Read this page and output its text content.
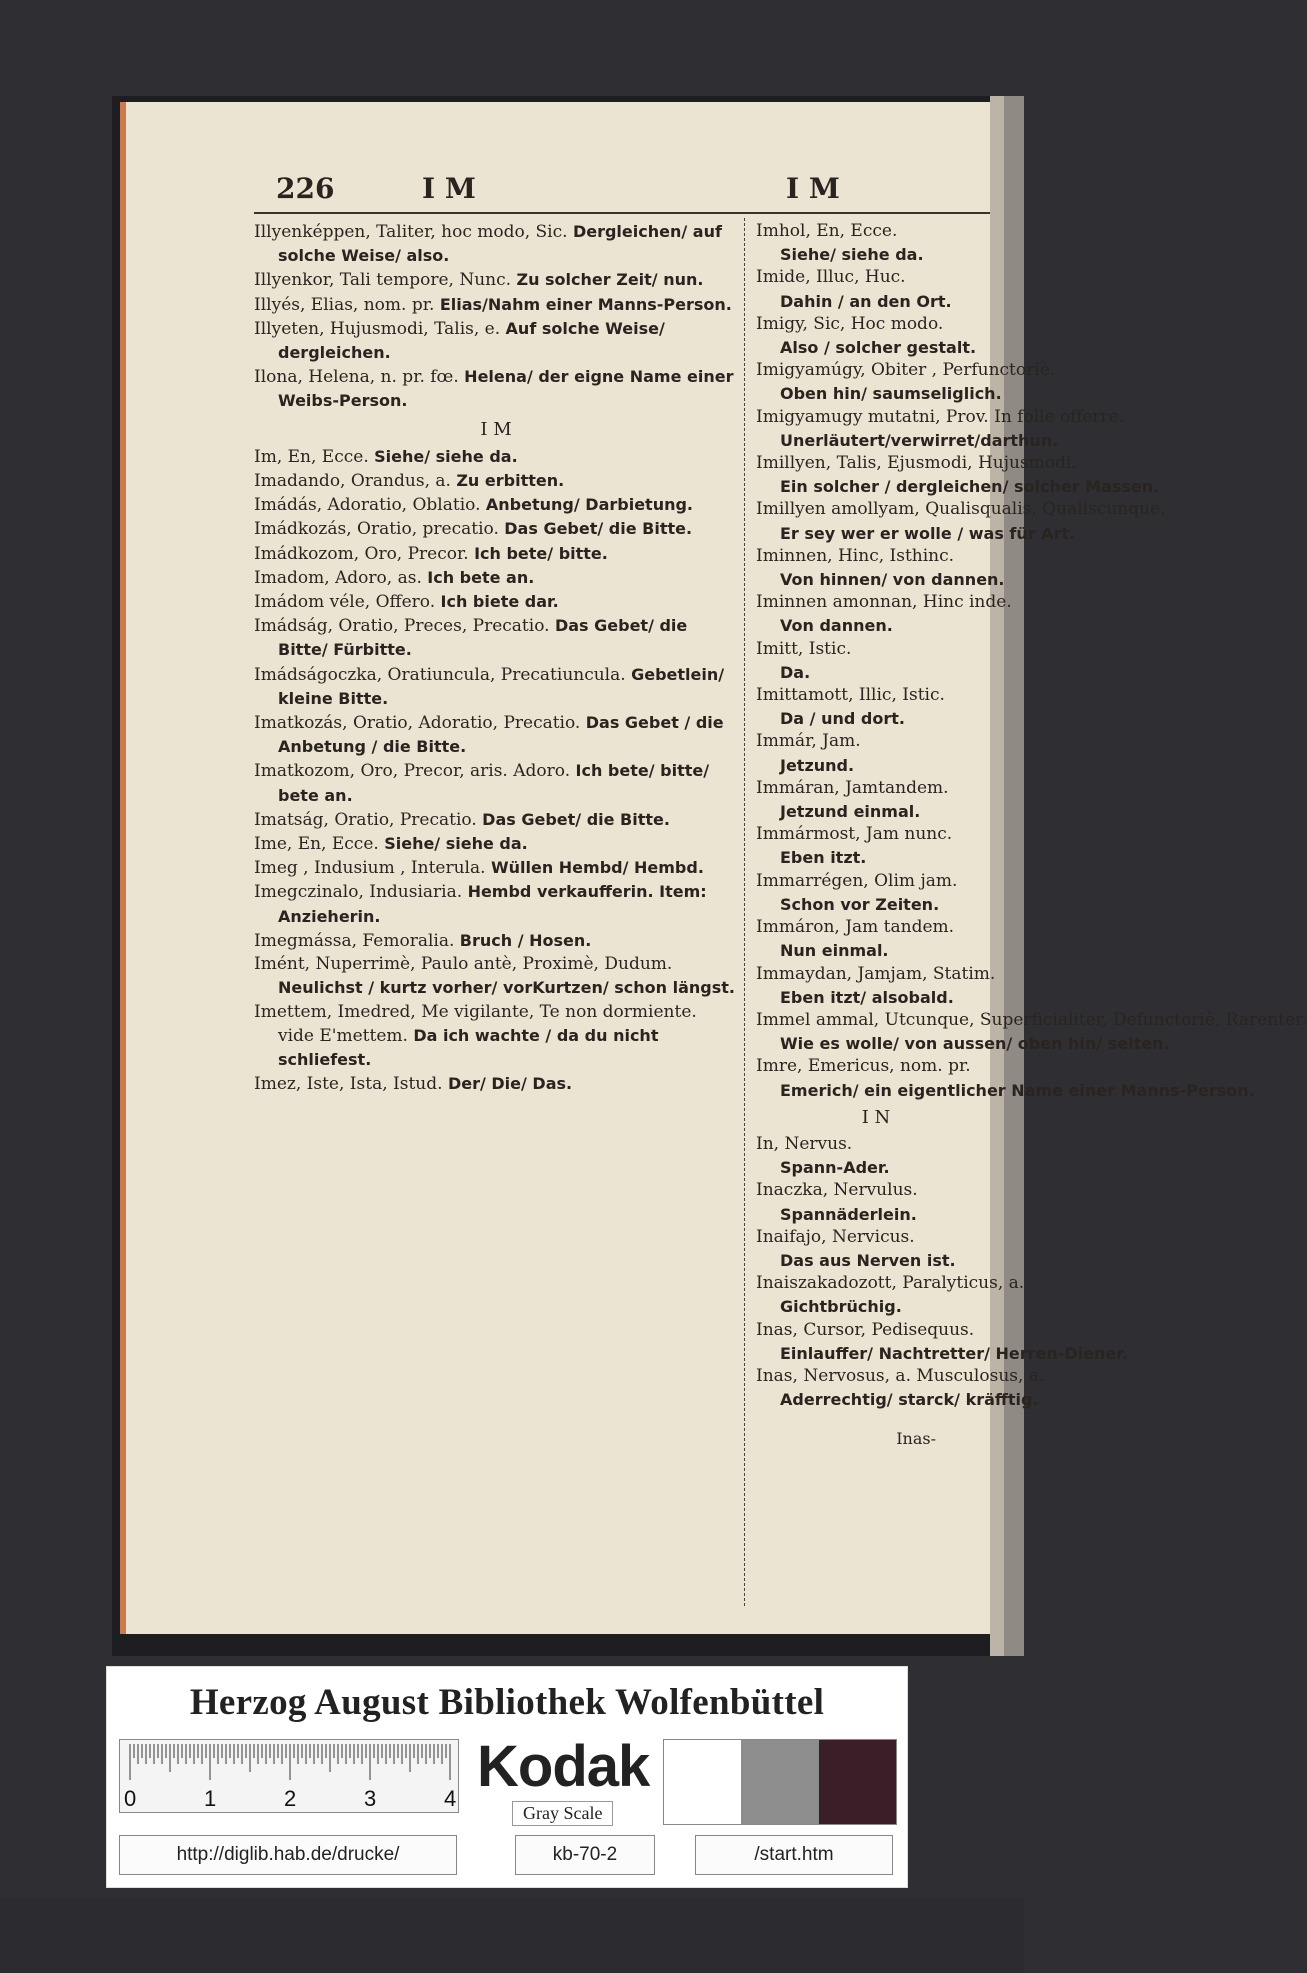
226	I M	I M

Illyenképpen, Taliter, hoc modo, Sic. Dergleichen/ auf solche Weise/ also.

Illyenkor, Tali tempore, Nunc. Zu solcher Zeit/ nun.

Illyés, Elias, nom. pr. Elias/Nahm einer Manns-Person.

Illyeten, Hujusmodi, Talis, e. Auf solche Weise/ dergleichen.

Ilona, Helena, n. pr. fœ. Helena/ der eigne Name einer Weibs-Person.

I M

Im, En, Ecce. Siehe/ siehe da.

Imadando, Orandus, a. Zu erbitten.

Imádás, Adoratio, Oblatio. Anbetung/ Darbietung.

Imádkozás, Oratio, precatio. Das Gebet/ die Bitte.

Imádkozom, Oro, Precor. Ich bete/ bitte.

Imadom, Adoro, as. Ich bete an.

Imádom véle, Offero. Ich biete dar.

Imádság, Oratio, Preces, Precatio. Das Gebet/ die Bitte/ Fürbitte.

Imádságoczka, Oratiuncula, Precatiuncula. Gebetlein/ kleine Bitte.

Imatkozás, Oratio, Adoratio, Precatio. Das Gebet / die Anbetung / die Bitte.

Imatkozom, Oro, Precor, aris. Adoro. Ich bete/ bitte/ bete an.

Imatság, Oratio, Precatio. Das Gebet/ die Bitte.

Ime, En, Ecce. Siehe/ siehe da.

Imeg , Indusium , Interula. Wüllen Hembd/ Hembd.

Imegczinalo, Indusiaria. Hembd verkaufferin. Item: Anzieherin.

Imegmássa, Femoralia. Bruch / Hosen.

Imént, Nuperrimè, Paulo antè, Proximè, Dudum. Neulichst / kurtz vorher/ vorKurtzen/ schon längst.

Imettem, Imedred, Me vigilante, Te non dormiente. vide E'mettem. Da ich wachte / da du nicht schliefest.

Imez, Iste, Ista, Istud. Der/ Die/ Das.

Imhol, En, Ecce.
Siehe/ siehe da.

Imide, Illuc, Huc.
Dahin / an den Ort.

Imigy, Sic, Hoc modo.
Also / solcher gestalt.

Imigyamúgy, Obiter , Perfunctoriè.
Oben hin/ saumseliglich.

Imigyamugy mutatni, Prov. In folle offerre.
Unerläutert/verwirret/darthun.

Imillyen, Talis, Ejusmodi, Hujusmodi.
Ein solcher / dergleichen/ solcher Massen.

Imillyen amollyam, Qualisqualis, Qualiscunque.
Er sey wer er wolle / was für Art.

Iminnen, Hinc, Isthinc.
Von hinnen/ von dannen.

Iminnen amonnan, Hinc inde.
Von dannen.

Imitt, Istic.
Da.

Imittamott, Illic, Istic.
Da / und dort.

Immár, Jam.
Jetzund.

Immáran, Jamtandem.
Jetzund einmal.

Immármost, Jam nunc.
Eben itzt.

Immarrégen, Olim jam.
Schon vor Zeiten.

Immáron, Jam tandem.
Nun einmal.

Immaydan, Jamjam, Statim.
Eben itzt/ alsobald.

Immel ammal, Utcunque, Superficialiter, Defunctoriè, Rarenter.
Wie es wolle/ von aussen/ oben hin/ selten.

Imre, Emericus, nom. pr.
Emerich/ ein eigentlicher Name einer Manns-Person.

I N

In, Nervus.
Spann-Ader.

Inaczka, Nervulus.
Spannäderlein.

Inaifajo, Nervicus.
Das aus Nerven ist.

Inaiszakadozott, Paralyticus, a.
Gichtbrüchig.

Inas, Cursor, Pedisequus.
Einlauffer/ Nachtretter/ Herren-Diener.

Inas, Nervosus, a. Musculosus, a.
Aderrechtig/ starck/ kräfftig.

Inas-

Herzog August Bibliothek Wolfenbüttel
0	1	2	3	4 Kodak
Gray Scale
http://diglib.hab.de/drucke/	kb-70-2	/start.htm
